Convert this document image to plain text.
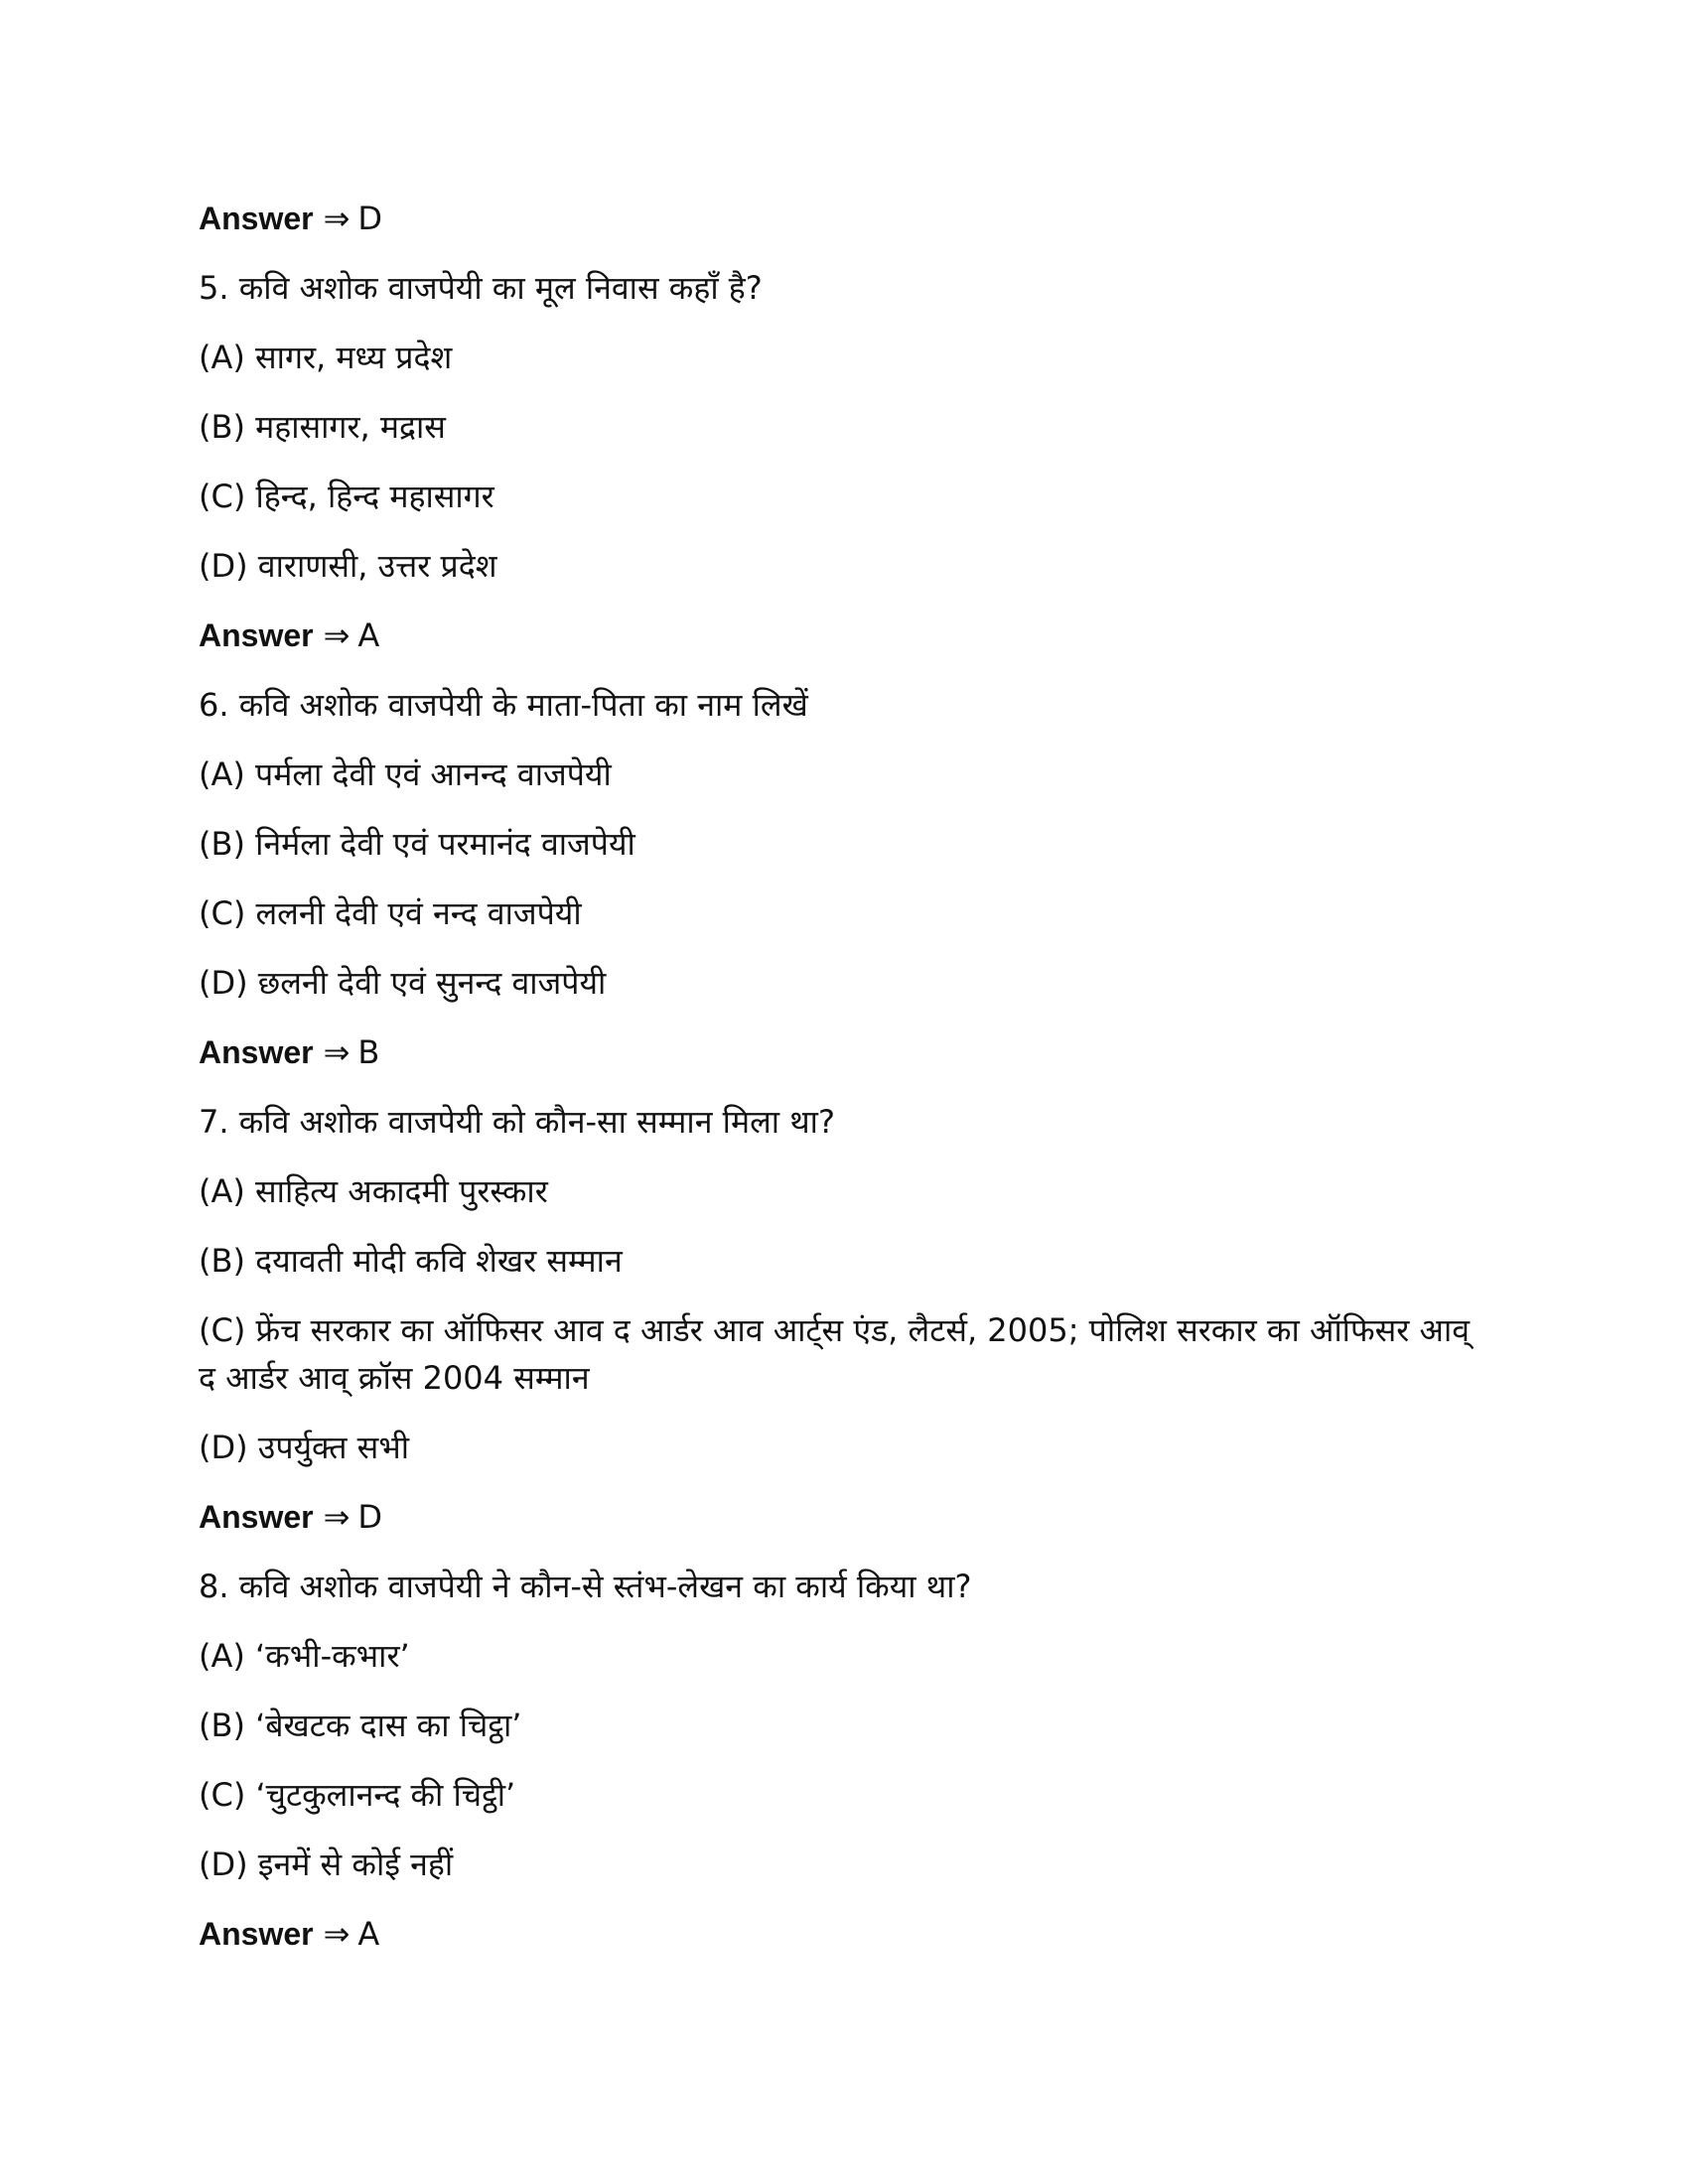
Answer ⇒ D
5. कवि अशोक वाजपेयी का मूल निवास कहाँ है?
(A) सागर, मध्य प्रदेश
(B) महासागर, मद्रास
(C) हिन्द, हिन्द महासागर
(D) वाराणसी, उत्तर प्रदेश
Answer ⇒ A
6. कवि अशोक वाजपेयी के माता-पिता का नाम लिखें
(A) पर्मला देवी एवं आनन्द वाजपेयी
(B) निर्मला देवी एवं परमानंद वाजपेयी
(C) ललनी देवी एवं नन्द वाजपेयी
(D) छलनी देवी एवं सुनन्द वाजपेयी
Answer ⇒ B
7. कवि अशोक वाजपेयी को कौन-सा सम्मान मिला था?
(A) साहित्य अकादमी पुरस्कार
(B) दयावती मोदी कवि शेखर सम्मान
(C) फ्रेंच सरकार का ऑफिसर आव द आर्डर आव आर्ट्स एंड, लैटर्स, 2005; पोलिश सरकार का ऑफिसर आव् द आर्डर आव् क्रॉस 2004 सम्मान
(D) उपर्युक्त सभी
Answer ⇒ D
8. कवि अशोक वाजपेयी ने कौन-से स्तंभ-लेखन का कार्य किया था?
(A) ‘कभी-कभार’
(B) ‘बेखटक दास का चिट्ठा’
(C) ‘चुटकुलानन्द की चिट्ठी’
(D) इनमें से कोई नहीं
Answer ⇒ A
